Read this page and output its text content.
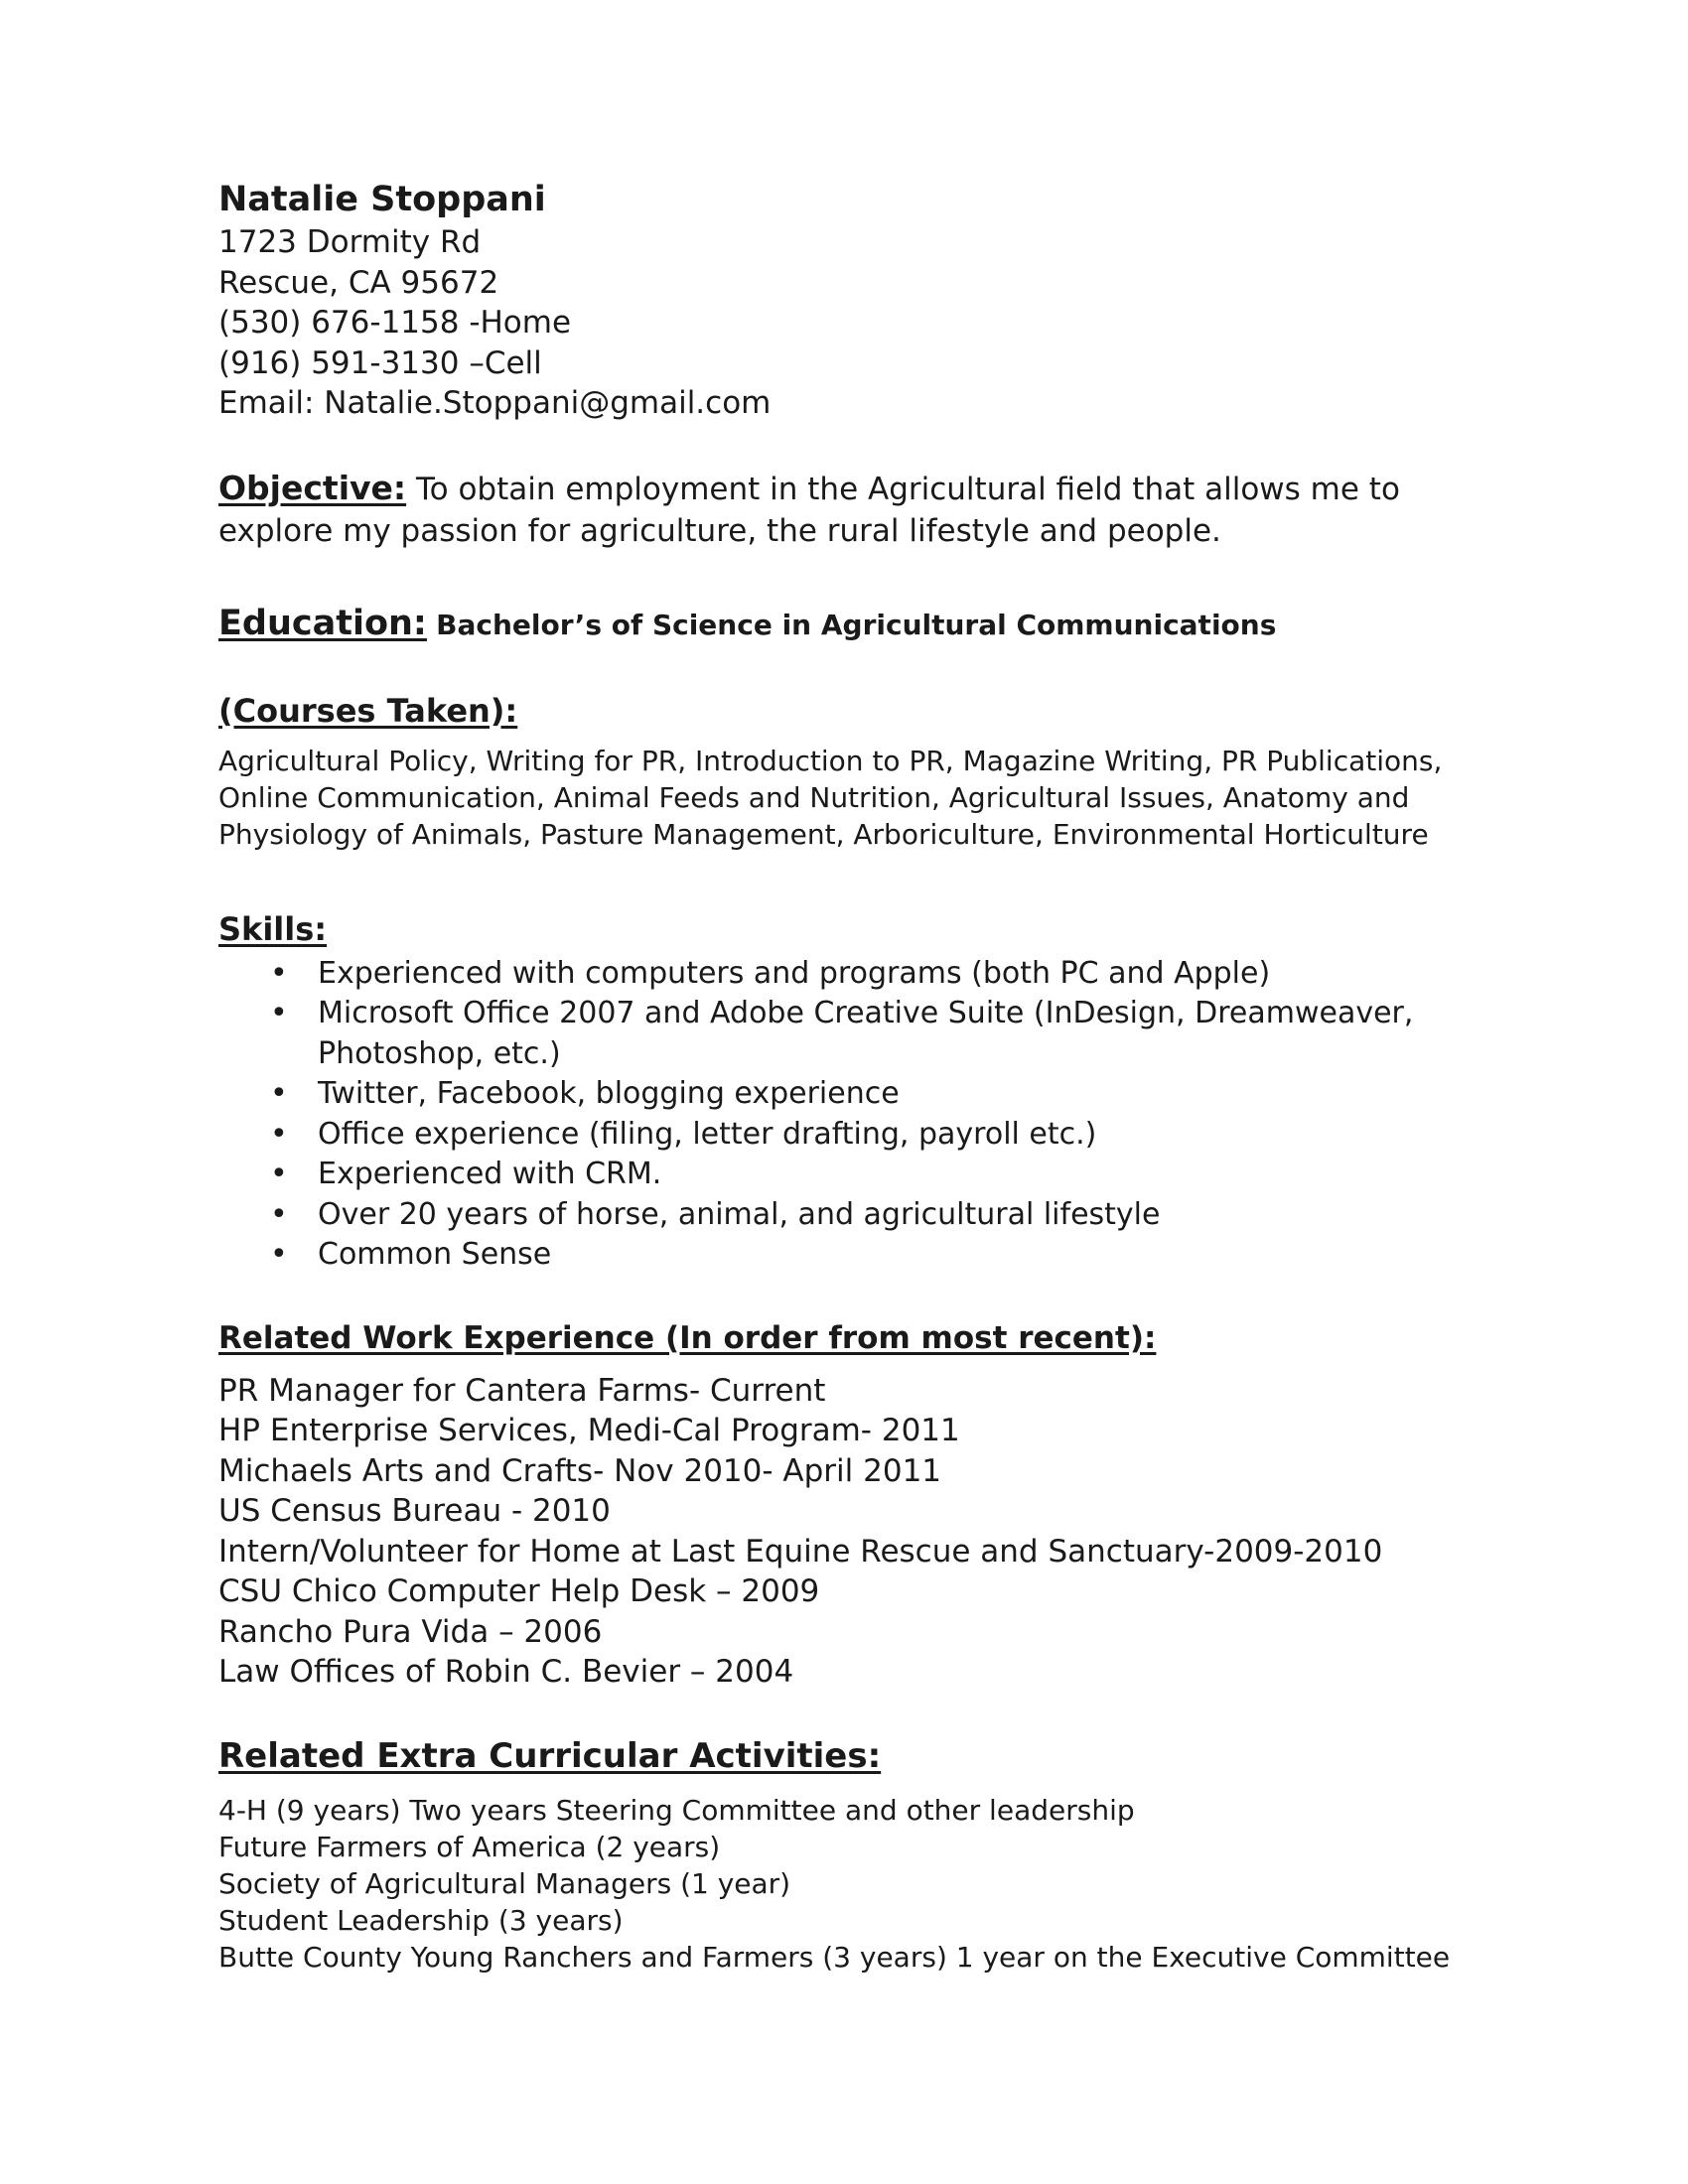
Natalie Stoppani
1723 Dormity Rd
Rescue, CA 95672
(530) 676-1158 -Home
(916) 591-3130 –Cell
Email: Natalie.Stoppani@gmail.com
Objective: To obtain employment in the Agricultural field that allows me to explore my passion for agriculture, the rural lifestyle and people.
Education: Bachelor’s of Science in Agricultural Communications
(Courses Taken):
Agricultural Policy, Writing for PR, Introduction to PR, Magazine Writing, PR Publications, Online Communication, Animal Feeds and Nutrition, Agricultural Issues, Anatomy and Physiology of Animals, Pasture Management, Arboriculture, Environmental Horticulture
Skills:
• Experienced with computers and programs (both PC and Apple)
• Microsoft Office 2007 and Adobe Creative Suite (InDesign, Dreamweaver, Photoshop, etc.)
• Twitter, Facebook, blogging experience
• Office experience (filing, letter drafting, payroll etc.)
• Experienced with CRM.
• Over 20 years of horse, animal, and agricultural lifestyle
• Common Sense
Related Work Experience (In order from most recent):
PR Manager for Cantera Farms- Current
HP Enterprise Services, Medi-Cal Program- 2011
Michaels Arts and Crafts- Nov 2010- April 2011
US Census Bureau - 2010
Intern/Volunteer for Home at Last Equine Rescue and Sanctuary-2009-2010
CSU Chico Computer Help Desk – 2009
Rancho Pura Vida – 2006
Law Offices of Robin C. Bevier – 2004
Related Extra Curricular Activities:
4-H (9 years) Two years Steering Committee and other leadership
Future Farmers of America (2 years)
Society of Agricultural Managers (1 year)
Student Leadership (3 years)
Butte County Young Ranchers and Farmers (3 years) 1 year on the Executive Committee
